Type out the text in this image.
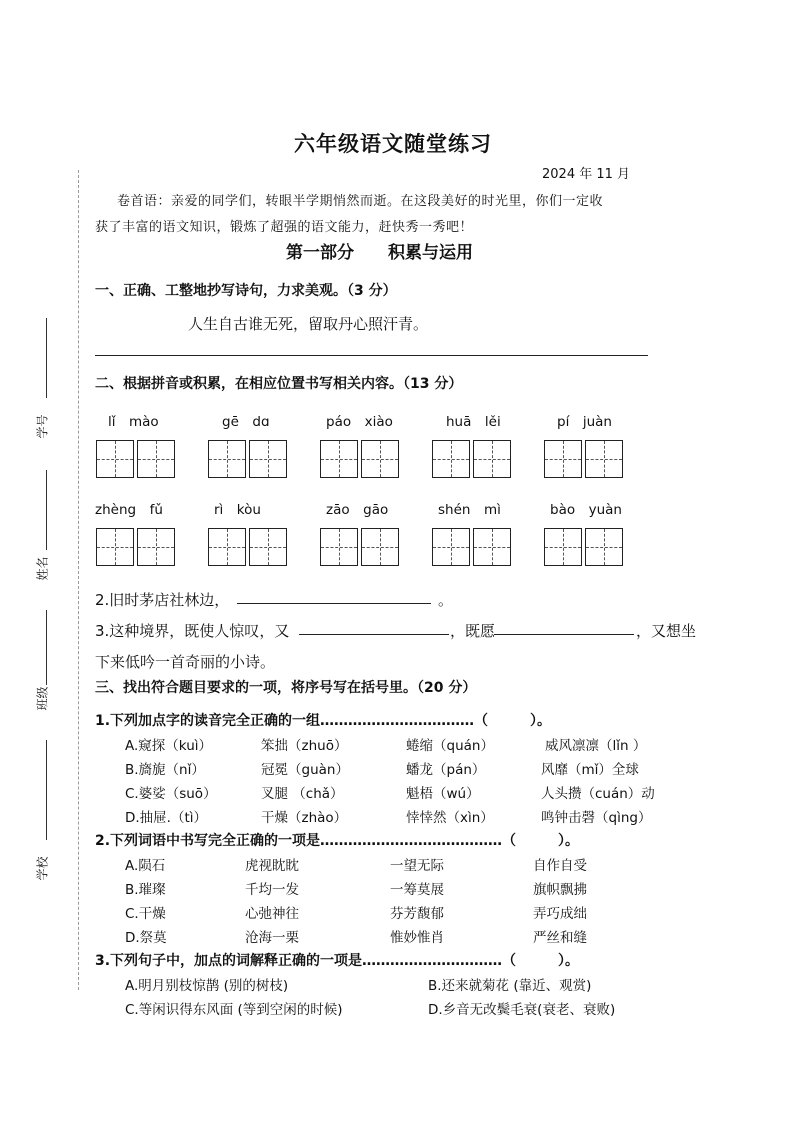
六年级语文随堂练习
2024 年 11 月
卷首语：亲爱的同学们，转眼半学期悄然而逝。在这段美好的时光里，你们一定收
获了丰富的语文知识，锻炼了超强的语文能力，赶快秀一秀吧！
第一部分　　积累与运用
学号
姓名
班级
学校
一、正确、工整地抄写诗句，力求美观。（3 分）
人生自古谁无死，留取丹心照汗青。
二、根据拼音或积累，在相应位置书写相关内容。（13 分）
lǐ　mào	gē　dɑ	páo　xiào	huā　lěi	pí　juàn
zhèng　fǔ	rì　kòu	zāo　gāo	shén　mì	bào　yuàn
2.旧时茅店社林边，	。
3.这种境界，既使人惊叹，又	，既愿	，又想坐
下来低吟一首奇丽的小诗。
三、找出符合题目要求的一项，将序号写在括号里。（20 分）
1.下列加点字的读音完全正确的一组……………………………（　　　）。
A.窥探（kuì）	笨拙（zhuō）	蜷缩（quán）	威风凛凛（lǐn ）
B.旖旎（nǐ）	冠冕（guàn）	蟠龙（pán）	风靡（mǐ）全球
C.婆娑（suō）	叉腿 （chǎ）	魁梧（wú）	人头攒（cuán）动
D.抽屉.（tì）	干燥（zhào）	悻悻然（xìn）	鸣钟击磬（qìng）
2.下列词语中书写完全正确的一项是…………………………………（　　　）。
A.陨石	虎视眈眈	一望无际	自作自受
B.璀璨	千均一发	一筹莫展	旗帜飘拂
C.干燥	心弛神往	芬芳馥郁	弄巧成绌
D.祭莫	沧海一栗	惟妙惟肖	严丝和缝
3.下列句子中，加点的词解释正确的一项是…………………………（　　　）。
A.明月别枝惊鹊 (别的树枝)	B.还来就菊花 (靠近、观赏)
C.等闲识得东风面 (等到空闲的时候)	D.乡音无改鬓毛衰(衰老、衰败)
